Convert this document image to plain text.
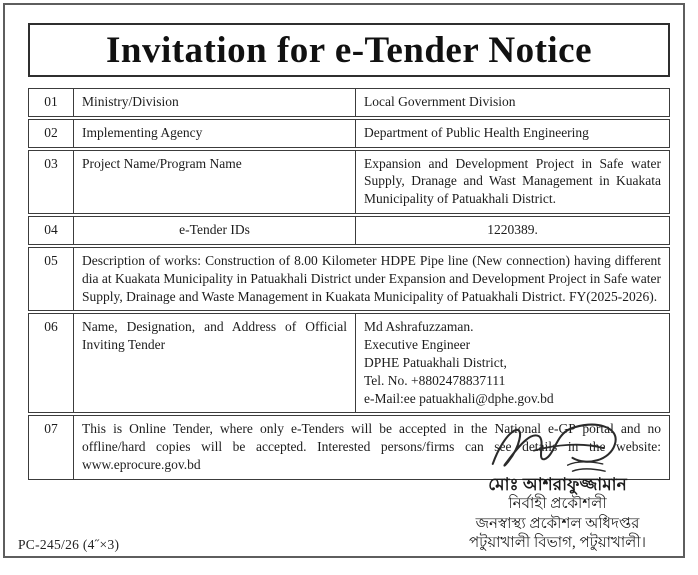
Invitation for e-Tender Notice
01	Ministry/Division	Local Government Division
02	Implementing Agency	Department of Public Health Engineering
03	Project Name/Program Name	Expansion and Development Project in Safe water Supply, Dranage and Wast Management in Kuakata Municipality of Patuakhali District.
04	e-Tender IDs	1220389.
05	Description of works: Construction of 8.00 Kilometer HDPE Pipe line (New connection) having different dia at Kuakata Municipality in Patuakhali District under Expansion and Development Project in Safe water Supply, Drainage and Waste Management in Kuakata Municipality of Patuakhali District. FY(2025-2026).	
06	Name, Designation, and Address of Official Inviting Tender	Md Ashrafuzzaman.
Executive Engineer
DPHE Patuakhali District,
Tel. No. +8802478837111
e-Mail:ee patuakhali@dphe.gov.bd

07	This is Online Tender, where only e-Tenders will be accepted in the National e-GP portal and no offline/hard copies will be accepted. Interested persons/firms can see details in the website: www.eprocure.gov.bd	
মোঃ আশরাফুজ্জামান
নির্বাহী প্রকৌশলী
জনস্বাস্থ্য প্রকৌশল অধিদপ্তর
পটুয়াখালী বিভাগ, পটুয়াখালী।
PC-245/26 (4˝×3)
